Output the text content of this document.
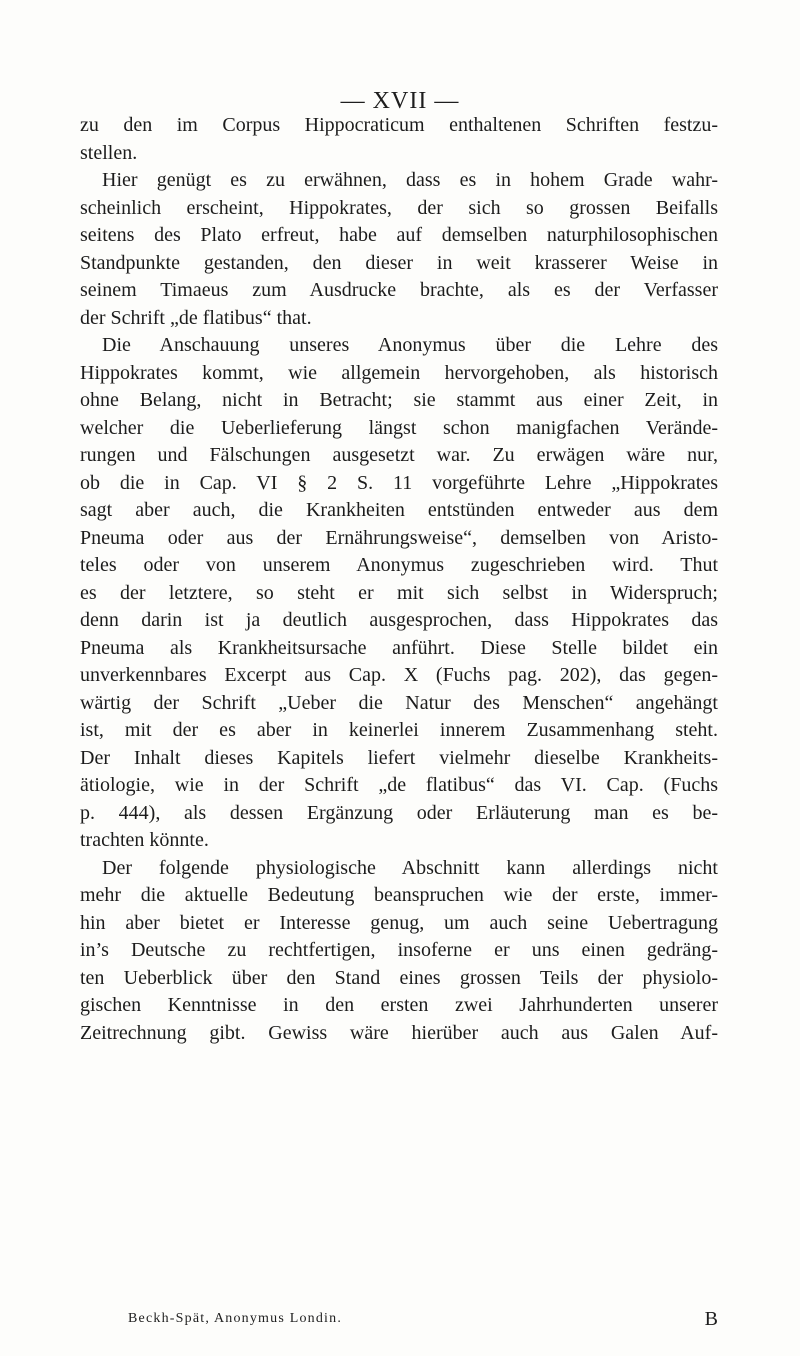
— XVII —
zu den im Corpus Hippocraticum enthaltenen Schriften festzu-
stellen.
Hier genügt es zu erwähnen, dass es in hohem Grade wahr-
scheinlich erscheint, Hippokrates, der sich so grossen Beifalls
seitens des Plato erfreut, habe auf demselben naturphilosophischen
Standpunkte gestanden, den dieser in weit krasserer Weise in
seinem Timaeus zum Ausdrucke brachte, als es der Verfasser
der Schrift „de flatibus“ that.
Die Anschauung unseres Anonymus über die Lehre des
Hippokrates kommt, wie allgemein hervorgehoben, als historisch
ohne Belang, nicht in Betracht; sie stammt aus einer Zeit, in
welcher die Ueberlieferung längst schon manigfachen Verände-
rungen und Fälschungen ausgesetzt war. Zu erwägen wäre nur,
ob die in Cap. VI § 2 S. 11 vorgeführte Lehre „Hippokrates
sagt aber auch, die Krankheiten entstünden entweder aus dem
Pneuma oder aus der Ernährungsweise“, demselben von Aristo-
teles oder von unserem Anonymus zugeschrieben wird. Thut
es der letztere, so steht er mit sich selbst in Widerspruch;
denn darin ist ja deutlich ausgesprochen, dass Hippokrates das
Pneuma als Krankheitsursache anführt. Diese Stelle bildet ein
unverkennbares Excerpt aus Cap. X (Fuchs pag. 202), das gegen-
wärtig der Schrift „Ueber die Natur des Menschen“ angehängt
ist, mit der es aber in keinerlei innerem Zusammenhang steht.
Der Inhalt dieses Kapitels liefert vielmehr dieselbe Krankheits-
ätiologie, wie in der Schrift „de flatibus“ das VI. Cap. (Fuchs
p. 444), als dessen Ergänzung oder Erläuterung man es be-
trachten könnte.
Der folgende physiologische Abschnitt kann allerdings nicht
mehr die aktuelle Bedeutung beanspruchen wie der erste, immer-
hin aber bietet er Interesse genug, um auch seine Uebertragung
in’s Deutsche zu rechtfertigen, insoferne er uns einen gedräng-
ten Ueberblick über den Stand eines grossen Teils der physiolo-
gischen Kenntnisse in den ersten zwei Jahrhunderten unserer
Zeitrechnung gibt. Gewiss wäre hierüber auch aus Galen Auf-
Beckh-Spät, Anonymus Londin.	B
